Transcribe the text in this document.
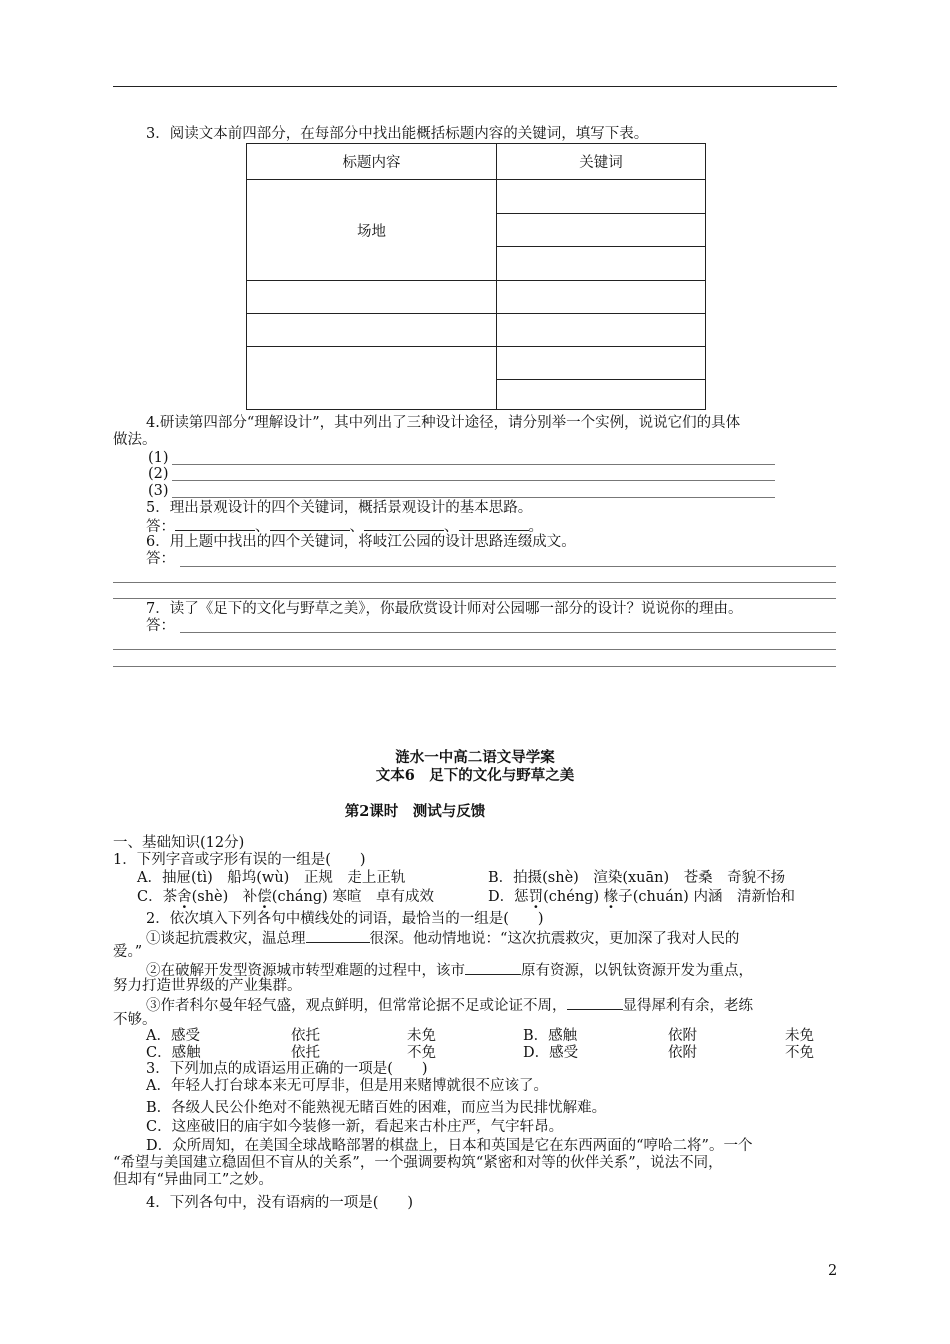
3．阅读文本前四部分，在每部分中找出能概括标题内容的关键词，填写下表。
标题内容	关键词
场地	

4.研读第四部分“理解设计”，其中列出了三种设计途径，请分别举一个实例，说说它们的具体
做法。
(1)
(2)
(3)
5．理出景观设计的四个关键词，概括景观设计的基本思路。
答：	、	、	、	。
6．用上题中找出的四个关键词，将岐江公园的设计思路连缀成文。
答：
7．读了《足下的文化与野草之美》，你最欣赏设计师对公园哪一部分的设计？说说你的理由。
答：
涟水一中高二语文导学案
文本6　足下的文化与野草之美
第2课时　测试与反馈
一、基础知识(12分)
1．下列字音或字形有误的一组是(　　)
A．抽屉(tì)　船坞(wù)　正规　走上正轨	B．拍摄(shè)　渲染(xuān)　苍桑　奇貌不扬
C．茶舍(shè)　补偿(chánɡ) 寒暄　卓有成效	D．惩罚(chénɡ) 椽子(chuán) 内涵　清新怡和
2．依次填入下列各句中横线处的词语，最恰当的一组是(　　)
①谈起抗震救灾，温总理	很深。他动情地说：“这次抗震救灾，更加深了我对人民的
爱。”
②在破解开发型资源城市转型难题的过程中，该市	原有资源，以钒钛资源开发为重点，
努力打造世界级的产业集群。
③作者科尔曼年轻气盛，观点鲜明，但常常论据不足或论证不周，	显得犀利有余，老练
不够。
A．感受	依托	未免	B．感触	依附	未免
C．感触	依托	不免	D．感受	依附	不免
3．下列加点的成语运用正确的一项是(　　)
A．年轻人打台球本来无可厚非，但是用来赌博就很不应该了。
B．各级人民公仆绝对不能熟视无睹百姓的困难，而应当为民排忧解难。
C．这座破旧的庙宇如今装修一新，看起来古朴庄严，气宇轩昂。
D．众所周知，在美国全球战略部署的棋盘上，日本和英国是它在东西两面的“哼哈二将”。一个
“希望与美国建立稳固但不盲从的关系”，一个强调要构筑“紧密和对等的伙伴关系”，说法不同，
但却有“异曲同工”之妙。
4．下列各句中，没有语病的一项是(　　)
2
